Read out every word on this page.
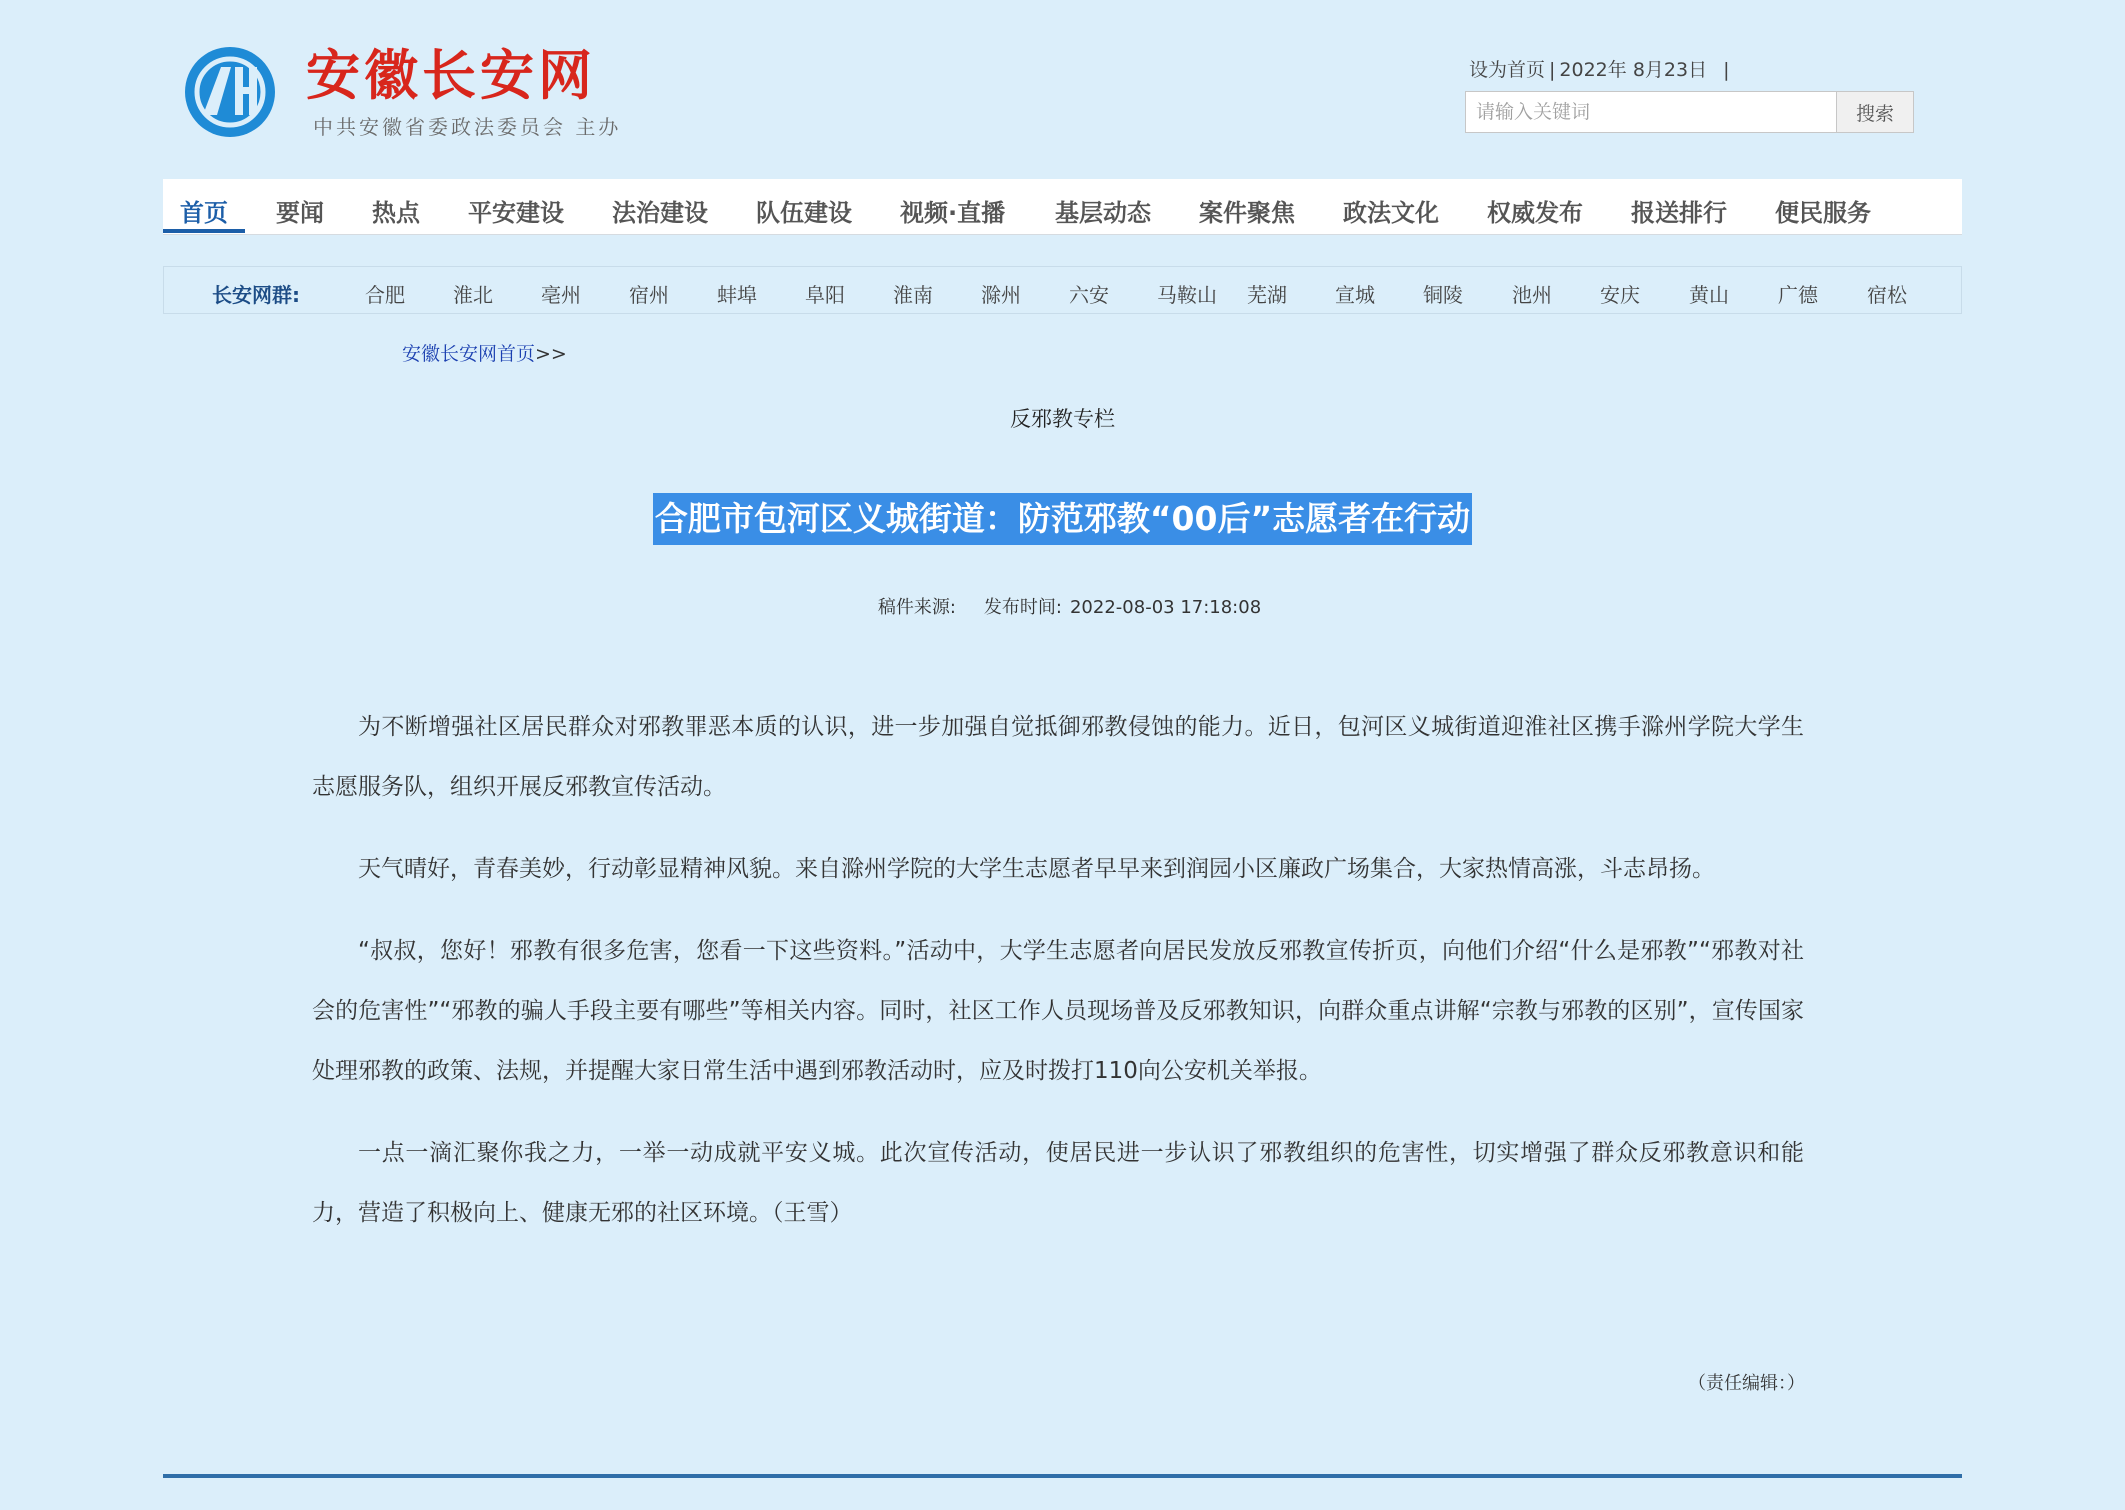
安徽长安网
中共安徽省委政法委员会 主办
设为首页 | 2022年 8月23日 |
请输入关键词
搜索
首页 要闻 热点 平安建设 法治建设 队伍建设 视频·直播 基层动态 案件聚焦 政法文化 权威发布 报送排行 便民服务
长安网群:	合肥 淮北 亳州 宿州 蚌埠 阜阳 淮南 滁州 六安 马鞍山 芜湖 宣城 铜陵 池州 安庆 黄山 广德 宿松
安徽长安网首页>>
反邪教专栏
合肥市包河区义城街道：防范邪教“00后”志愿者在行动
稿件来源: 发布时间: 2022-08-03 17:18:08

为不断增强社区居民群众对邪教罪恶本质的认识，进一步加强自觉抵御邪教侵蚀的能力。近日，包河区义城街道迎淮社区携手滁州学院大学生志愿服务队，组织开展反邪教宣传活动。

天气晴好，青春美妙，行动彰显精神风貌。来自滁州学院的大学生志愿者早早来到润园小区廉政广场集合，大家热情高涨，斗志昂扬。

“叔叔，您好！邪教有很多危害，您看一下这些资料。”活动中，大学生志愿者向居民发放反邪教宣传折页，向他们介绍“什么是邪教”“邪教对社会的危害性”“邪教的骗人手段主要有哪些”等相关内容。同时，社区工作人员现场普及反邪教知识，向群众重点讲解“宗教与邪教的区别”，宣传国家处理邪教的政策、法规，并提醒大家日常生活中遇到邪教活动时，应及时拨打110向公安机关举报。

一点一滴汇聚你我之力，一举一动成就平安义城。此次宣传活动，使居民进一步认识了邪教组织的危害性，切实增强了群众反邪教意识和能力，营造了积极向上、健康无邪的社区环境。（王雪）

（责任编辑：）
